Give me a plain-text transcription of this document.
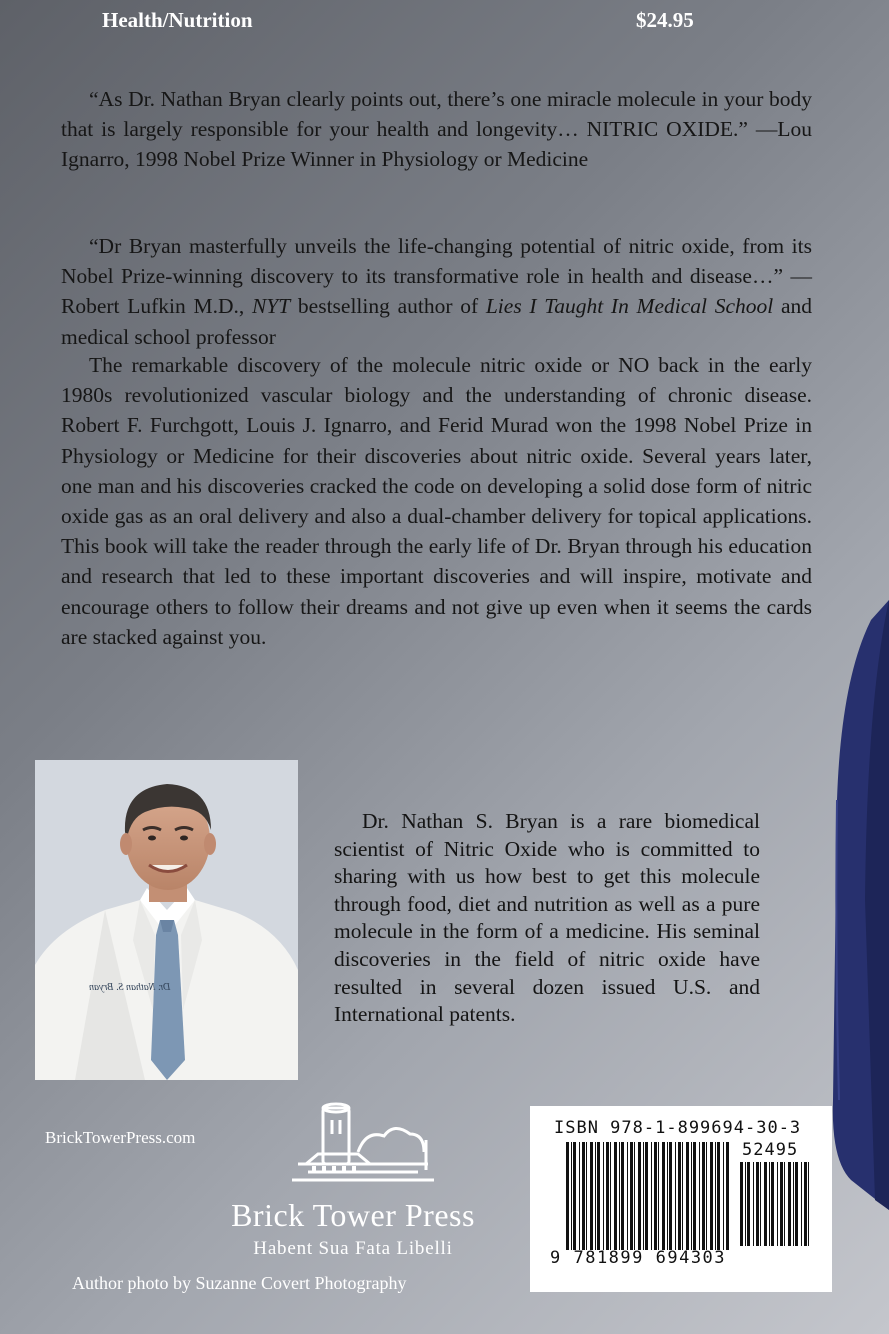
Health/Nutrition	$24.95

“As Dr. Nathan Bryan clearly points out, there’s one miracle molecule in your body that is largely responsible for your health and longevity… NITRIC OXIDE.” —Lou Ignarro, 1998 Nobel Prize Winner in Physiology or Medicine

“Dr Bryan masterfully unveils the life-changing potential of nitric oxide, from its Nobel Prize-winning discovery to its transformative role in health and disease…” —Robert Lufkin M.D., NYT bestselling author of Lies I Taught In Medical School and medical school professor

The remarkable discovery of the molecule nitric oxide or NO back in the early 1980s revolutionized vascular biology and the understanding of chronic disease. Robert F. Furchgott, Louis J. Ignarro, and Ferid Murad won the 1998 Nobel Prize in Physiology or Medicine for their discoveries about nitric oxide. Several years later, one man and his discoveries cracked the code on developing a solid dose form of nitric oxide gas as an oral delivery and also a dual-chamber delivery for topical applications. This book will take the reader through the early life of Dr. Bryan through his education and research that led to these important discoveries and will inspire, motivate and encourage others to follow their dreams and not give up even when it seems the cards are stacked against you.

Dr. Nathan S. Bryan

Dr. Nathan S. Bryan is a rare biomedical scientist of Nitric Oxide who is committed to sharing with us how best to get this molecule through food, diet and nutrition as well as a pure molecule in the form of a medicine. His seminal discoveries in the field of nitric oxide have resulted in several dozen issued U.S. and International patents.

BrickTowerPress.com
Brick Tower Press
Habent Sua Fata Libelli
Author photo by Suzanne Covert Photography
ISBN 978-1-899694-30-3
52495
9 781899 694303
